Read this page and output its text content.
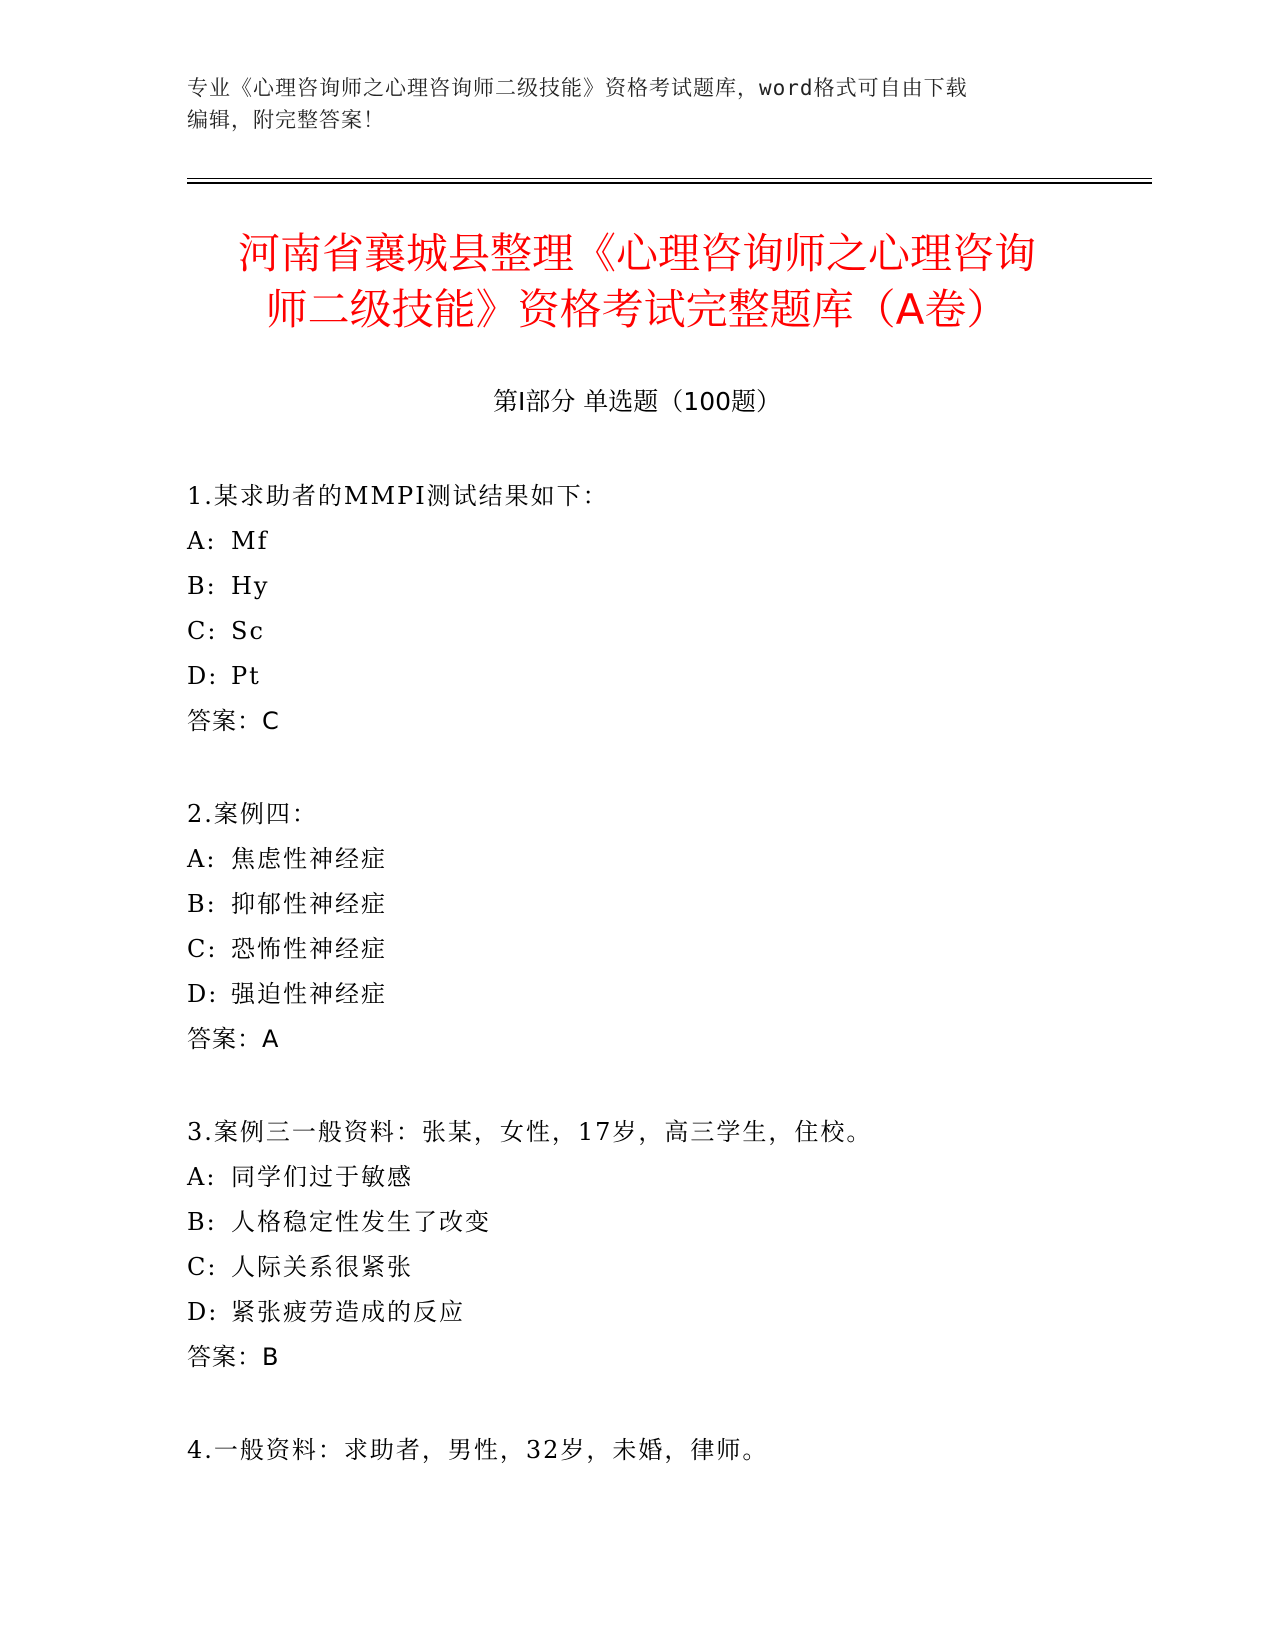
专业《心理咨询师之心理咨询师二级技能》资格考试题库，word格式可自由下载
编辑，附完整答案！
河南省襄城县整理《心理咨询师之心理咨询
师二级技能》资格考试完整题库（A卷）
第Ⅰ部分 单选题（100题）
1.某求助者的MMPI测试结果如下：
A: Mf
B: Hy
C: Sc
D: Pt
答案：C
2.案例四：
A: 焦虑性神经症
B: 抑郁性神经症
C: 恐怖性神经症
D: 强迫性神经症
答案：A
3.案例三一般资料：张某，女性，17岁，高三学生，住校。
A: 同学们过于敏感
B: 人格稳定性发生了改变
C: 人际关系很紧张
D: 紧张疲劳造成的反应
答案：B
4.一般资料：求助者，男性，32岁，未婚，律师。
